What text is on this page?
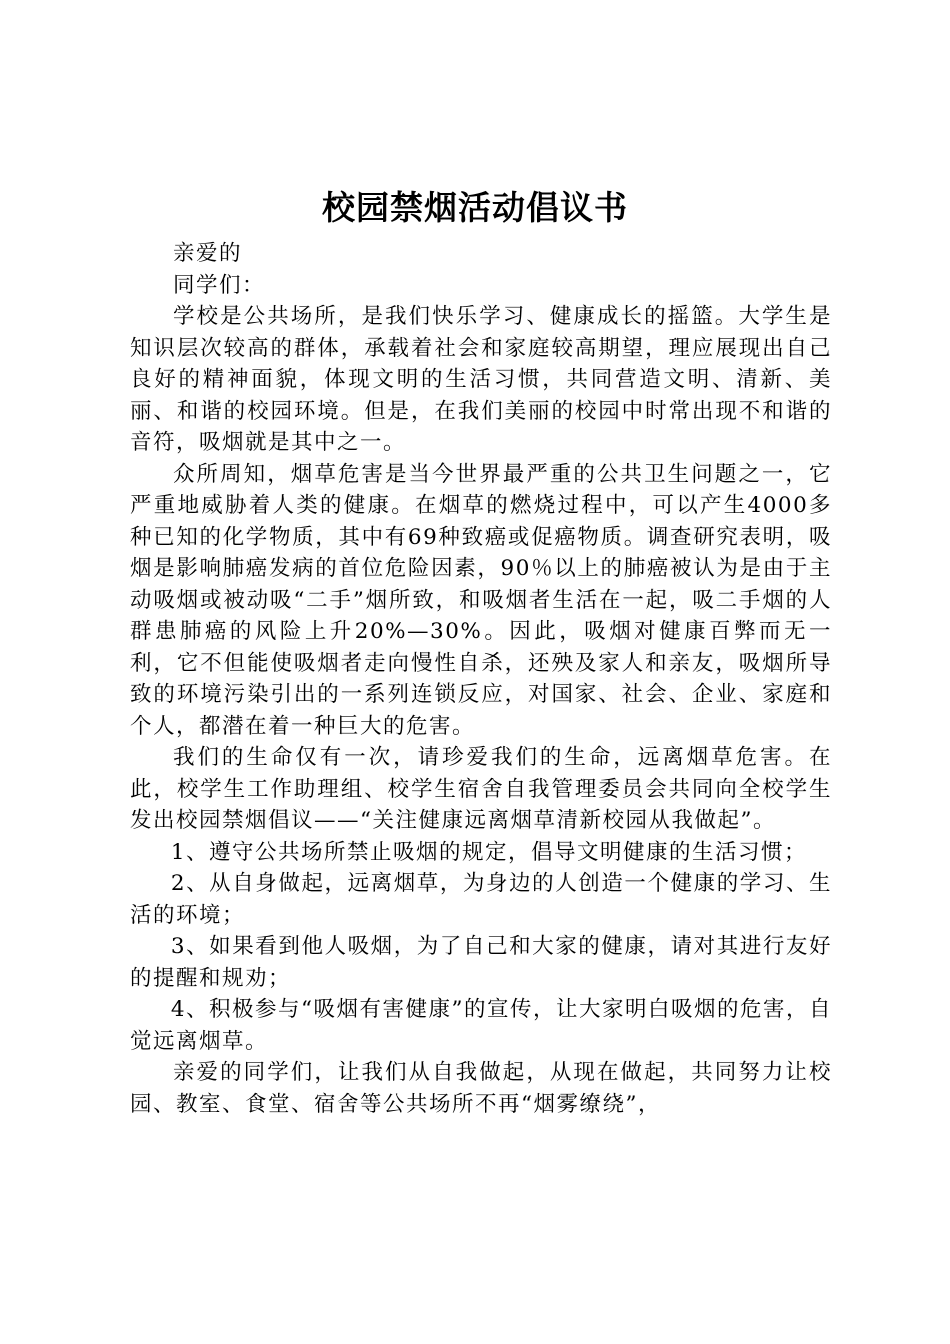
校园禁烟活动倡议书

亲爱的

同学们：

学校是公共场所，是我们快乐学习、健康成长的摇篮。大学生是知识层次较高的群体，承载着社会和家庭较高期望，理应展现出自己良好的精神面貌，体现文明的生活习惯，共同营造文明、清新、美丽、和谐的校园环境。但是，在我们美丽的校园中时常出现不和谐的音符，吸烟就是其中之一。

众所周知，烟草危害是当今世界最严重的公共卫生问题之一，它严重地威胁着人类的健康。在烟草的燃烧过程中，可以产生4000多种已知的化学物质，其中有69种致癌或促癌物质。调查研究表明，吸烟是影响肺癌发病的首位危险因素，90％以上的肺癌被认为是由于主动吸烟或被动吸“二手”烟所致，和吸烟者生活在一起，吸二手烟的人群患肺癌的风险上升20%—30%。因此，吸烟对健康百弊而无一利，它不但能使吸烟者走向慢性自杀，还殃及家人和亲友，吸烟所导致的环境污染引出的一系列连锁反应，对国家、社会、企业、家庭和个人，都潜在着一种巨大的危害。

我们的生命仅有一次，请珍爱我们的生命，远离烟草危害。在此，校学生工作助理组、校学生宿舍自我管理委员会共同向全校学生发出校园禁烟倡议——“关注健康远离烟草清新校园从我做起”。

1、遵守公共场所禁止吸烟的规定，倡导文明健康的生活习惯；

2、从自身做起，远离烟草，为身边的人创造一个健康的学习、生活的环境；

3、如果看到他人吸烟，为了自己和大家的健康，请对其进行友好的提醒和规劝；

4、积极参与“吸烟有害健康”的宣传，让大家明白吸烟的危害，自觉远离烟草。

亲爱的同学们，让我们从自我做起，从现在做起，共同努力让校园、教室、食堂、宿舍等公共场所不再“烟雾缭绕”，
